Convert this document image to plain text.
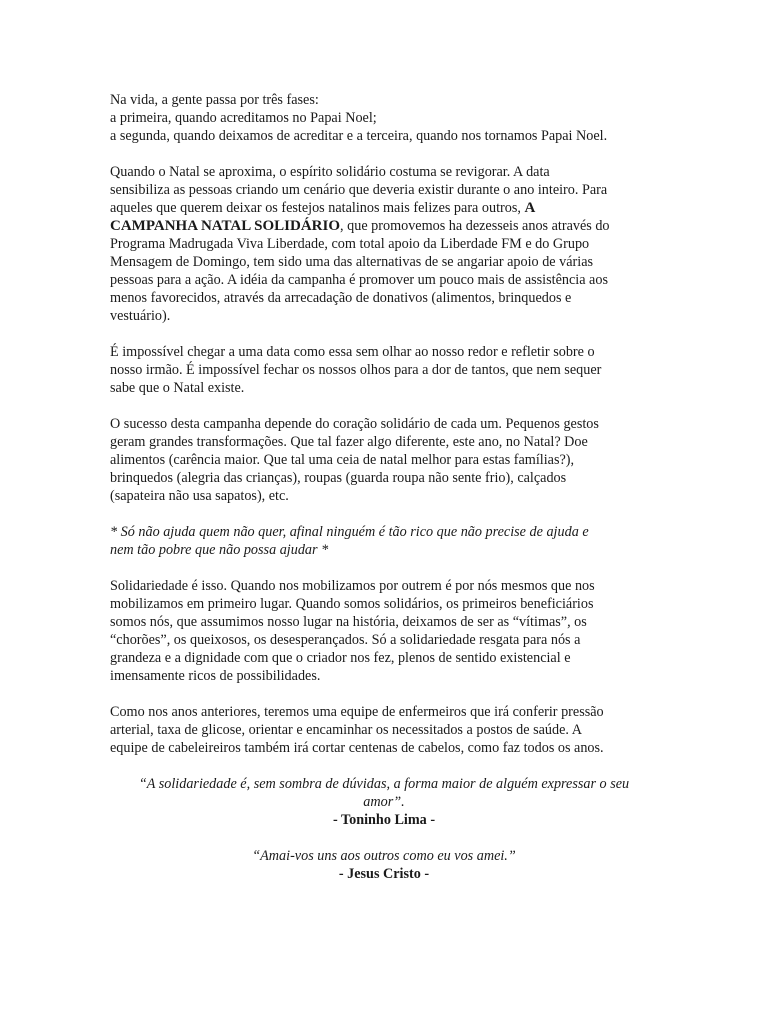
Na vida, a gente passa por três fases:
a primeira, quando acreditamos no Papai Noel;
a segunda, quando deixamos de acreditar e a terceira, quando nos tornamos Papai Noel.
Quando o Natal se aproxima, o espírito solidário costuma se revigorar. A data
sensibiliza as pessoas criando um cenário que deveria existir durante o ano inteiro. Para
aqueles que querem deixar os festejos natalinos mais felizes para outros, A
CAMPANHA NATAL SOLIDÁRIO, que promovemos ha dezesseis anos através do
Programa Madrugada Viva Liberdade, com total apoio da Liberdade FM e do Grupo
Mensagem de Domingo, tem sido uma das alternativas de se angariar apoio de várias
pessoas para a ação. A idéia da campanha é promover um pouco mais de assistência aos
menos favorecidos, através da arrecadação de donativos (alimentos, brinquedos e
vestuário).
É impossível chegar a uma data como essa sem olhar ao nosso redor e refletir sobre o
nosso irmão. É impossível fechar os nossos olhos para a dor de tantos, que nem sequer
sabe que o Natal existe.
O sucesso desta campanha depende do coração solidário de cada um. Pequenos gestos
geram grandes transformações. Que tal fazer algo diferente, este ano, no Natal? Doe
alimentos (carência maior. Que tal uma ceia de natal melhor para estas famílias?),
brinquedos (alegria das crianças), roupas (guarda roupa não sente frio), calçados
(sapateira não usa sapatos), etc.
* Só não ajuda quem não quer, afinal ninguém é tão rico que não precise de ajuda e
nem tão pobre que não possa ajudar *
Solidariedade é isso. Quando nos mobilizamos por outrem é por nós mesmos que nos
mobilizamos em primeiro lugar. Quando somos solidários, os primeiros beneficiários
somos nós, que assumimos nosso lugar na história, deixamos de ser as “vítimas”, os
“chorões”, os queixosos, os desesperançados. Só a solidariedade resgata para nós a
grandeza e a dignidade com que o criador nos fez, plenos de sentido existencial e
imensamente ricos de possibilidades.
Como nos anos anteriores, teremos uma equipe de enfermeiros que irá conferir pressão
arterial, taxa de glicose, orientar e encaminhar os necessitados a postos de saúde. A
equipe de cabeleireiros também irá cortar centenas de cabelos, como faz todos os anos.

“A solidariedade é, sem sombra de dúvidas, a forma maior de alguém expressar o seu

amor”.

- Toninho Lima -

“Amai-vos uns aos outros como eu vos amei.”

- Jesus Cristo -
